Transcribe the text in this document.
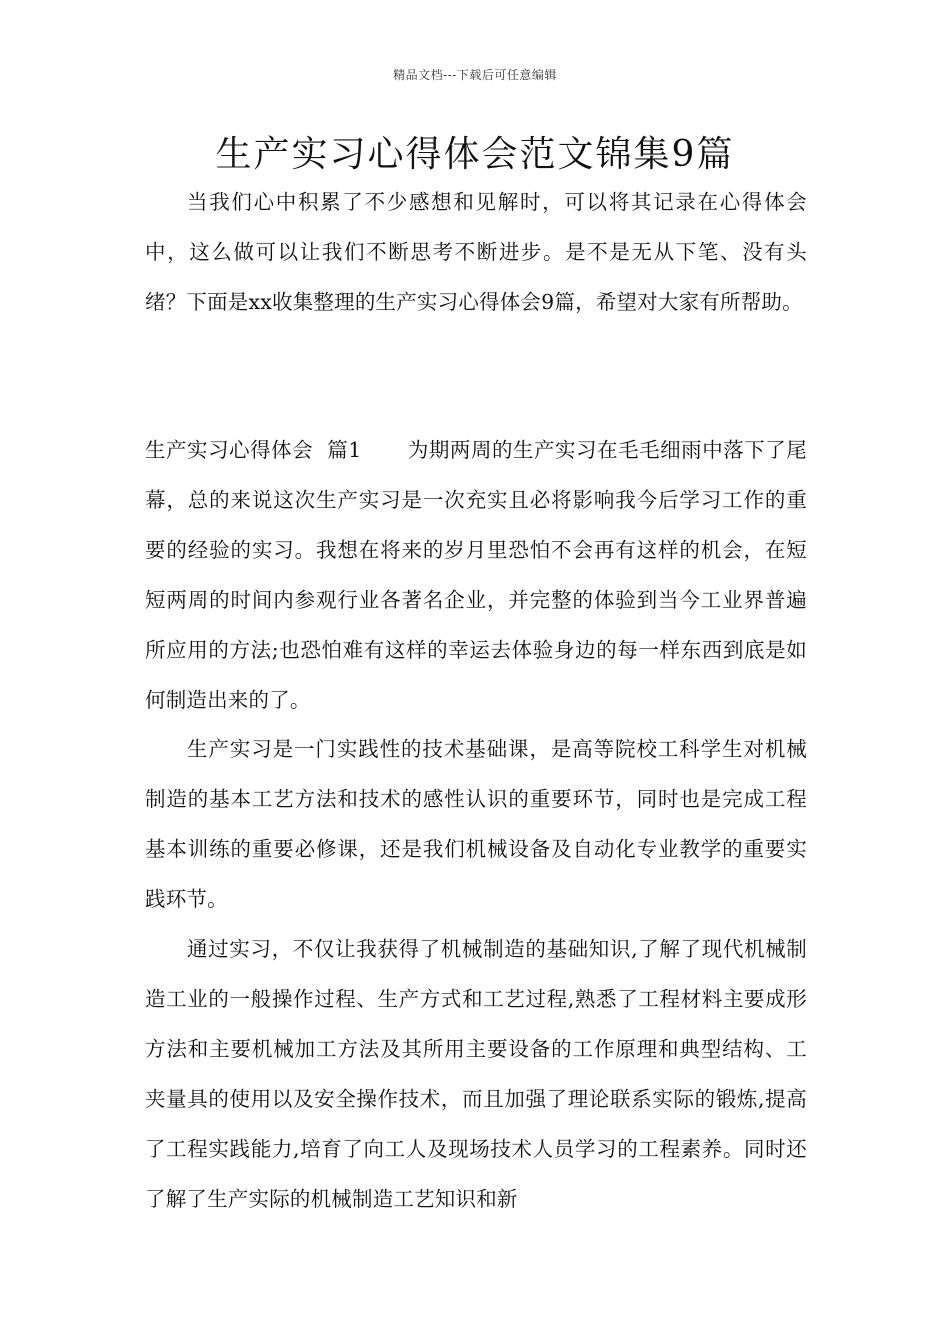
精品文档---下载后可任意编辑
生产实习心得体会范文锦集9篇

当我们心中积累了不少感想和见解时，可以将其记录在心得体会中，这么做可以让我们不断思考不断进步。是不是无从下笔、没有头绪？下面是xx收集整理的生产实习心得体会9篇，希望对大家有所帮助。

生产实习心得体会  篇1 为期两周的生产实习在毛毛细雨中落下了尾幕，总的来说这次生产实习是一次充实且必将影响我今后学习工作的重要的经验的实习。我想在将来的岁月里恐怕不会再有这样的机会，在短短两周的时间内参观行业各著名企业，并完整的体验到当今工业界普遍所应用的方法;也恐怕难有这样的幸运去体验身边的每一样东西到底是如何制造出来的了。

生产实习是一门实践性的技术基础课，是高等院校工科学生对机械制造的基本工艺方法和技术的感性认识的重要环节，同时也是完成工程基本训练的重要必修课，还是我们机械设备及自动化专业教学的重要实践环节。

通过实习，不仅让我获得了机械制造的基础知识,了解了现代机械制造工业的一般操作过程、生产方式和工艺过程,熟悉了工程材料主要成形方法和主要机械加工方法及其所用主要设备的工作原理和典型结构、工夹量具的使用以及安全操作技术，而且加强了理论联系实际的锻炼,提高了工程实践能力,培育了向工人及现场技术人员学习的工程素养。同时还了解了生产实际的机械制造工艺知识和新
